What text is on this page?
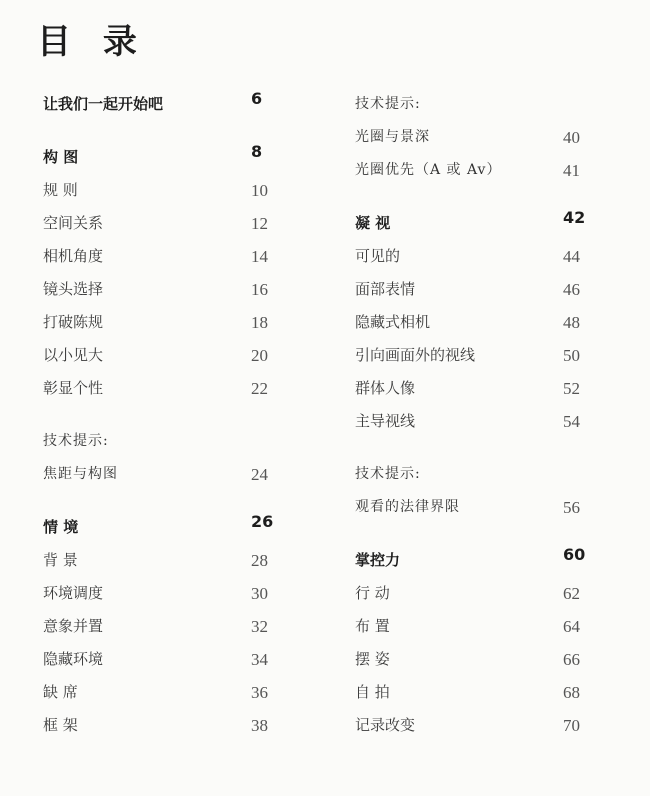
目 录
让我们一起开始吧	6
构 图	8
规 则	10
空间关系	12
相机角度	14
镜头选择	16
打破陈规	18
以小见大	20
彰显个性	22
技术提示:
焦距与构图	24
情 境	26
背 景	28
环境调度	30
意象并置	32
隐藏环境	34
缺 席	36
框 架	38
技术提示:
光圈与景深	40
光圈优先（A 或 Av）	41
凝 视	42
可见的	44
面部表情	46
隐藏式相机	48
引向画面外的视线	50
群体人像	52
主导视线	54
技术提示:
观看的法律界限	56
掌控力	60
行 动	62
布 置	64
摆 姿	66
自 拍	68
记录改变	70
